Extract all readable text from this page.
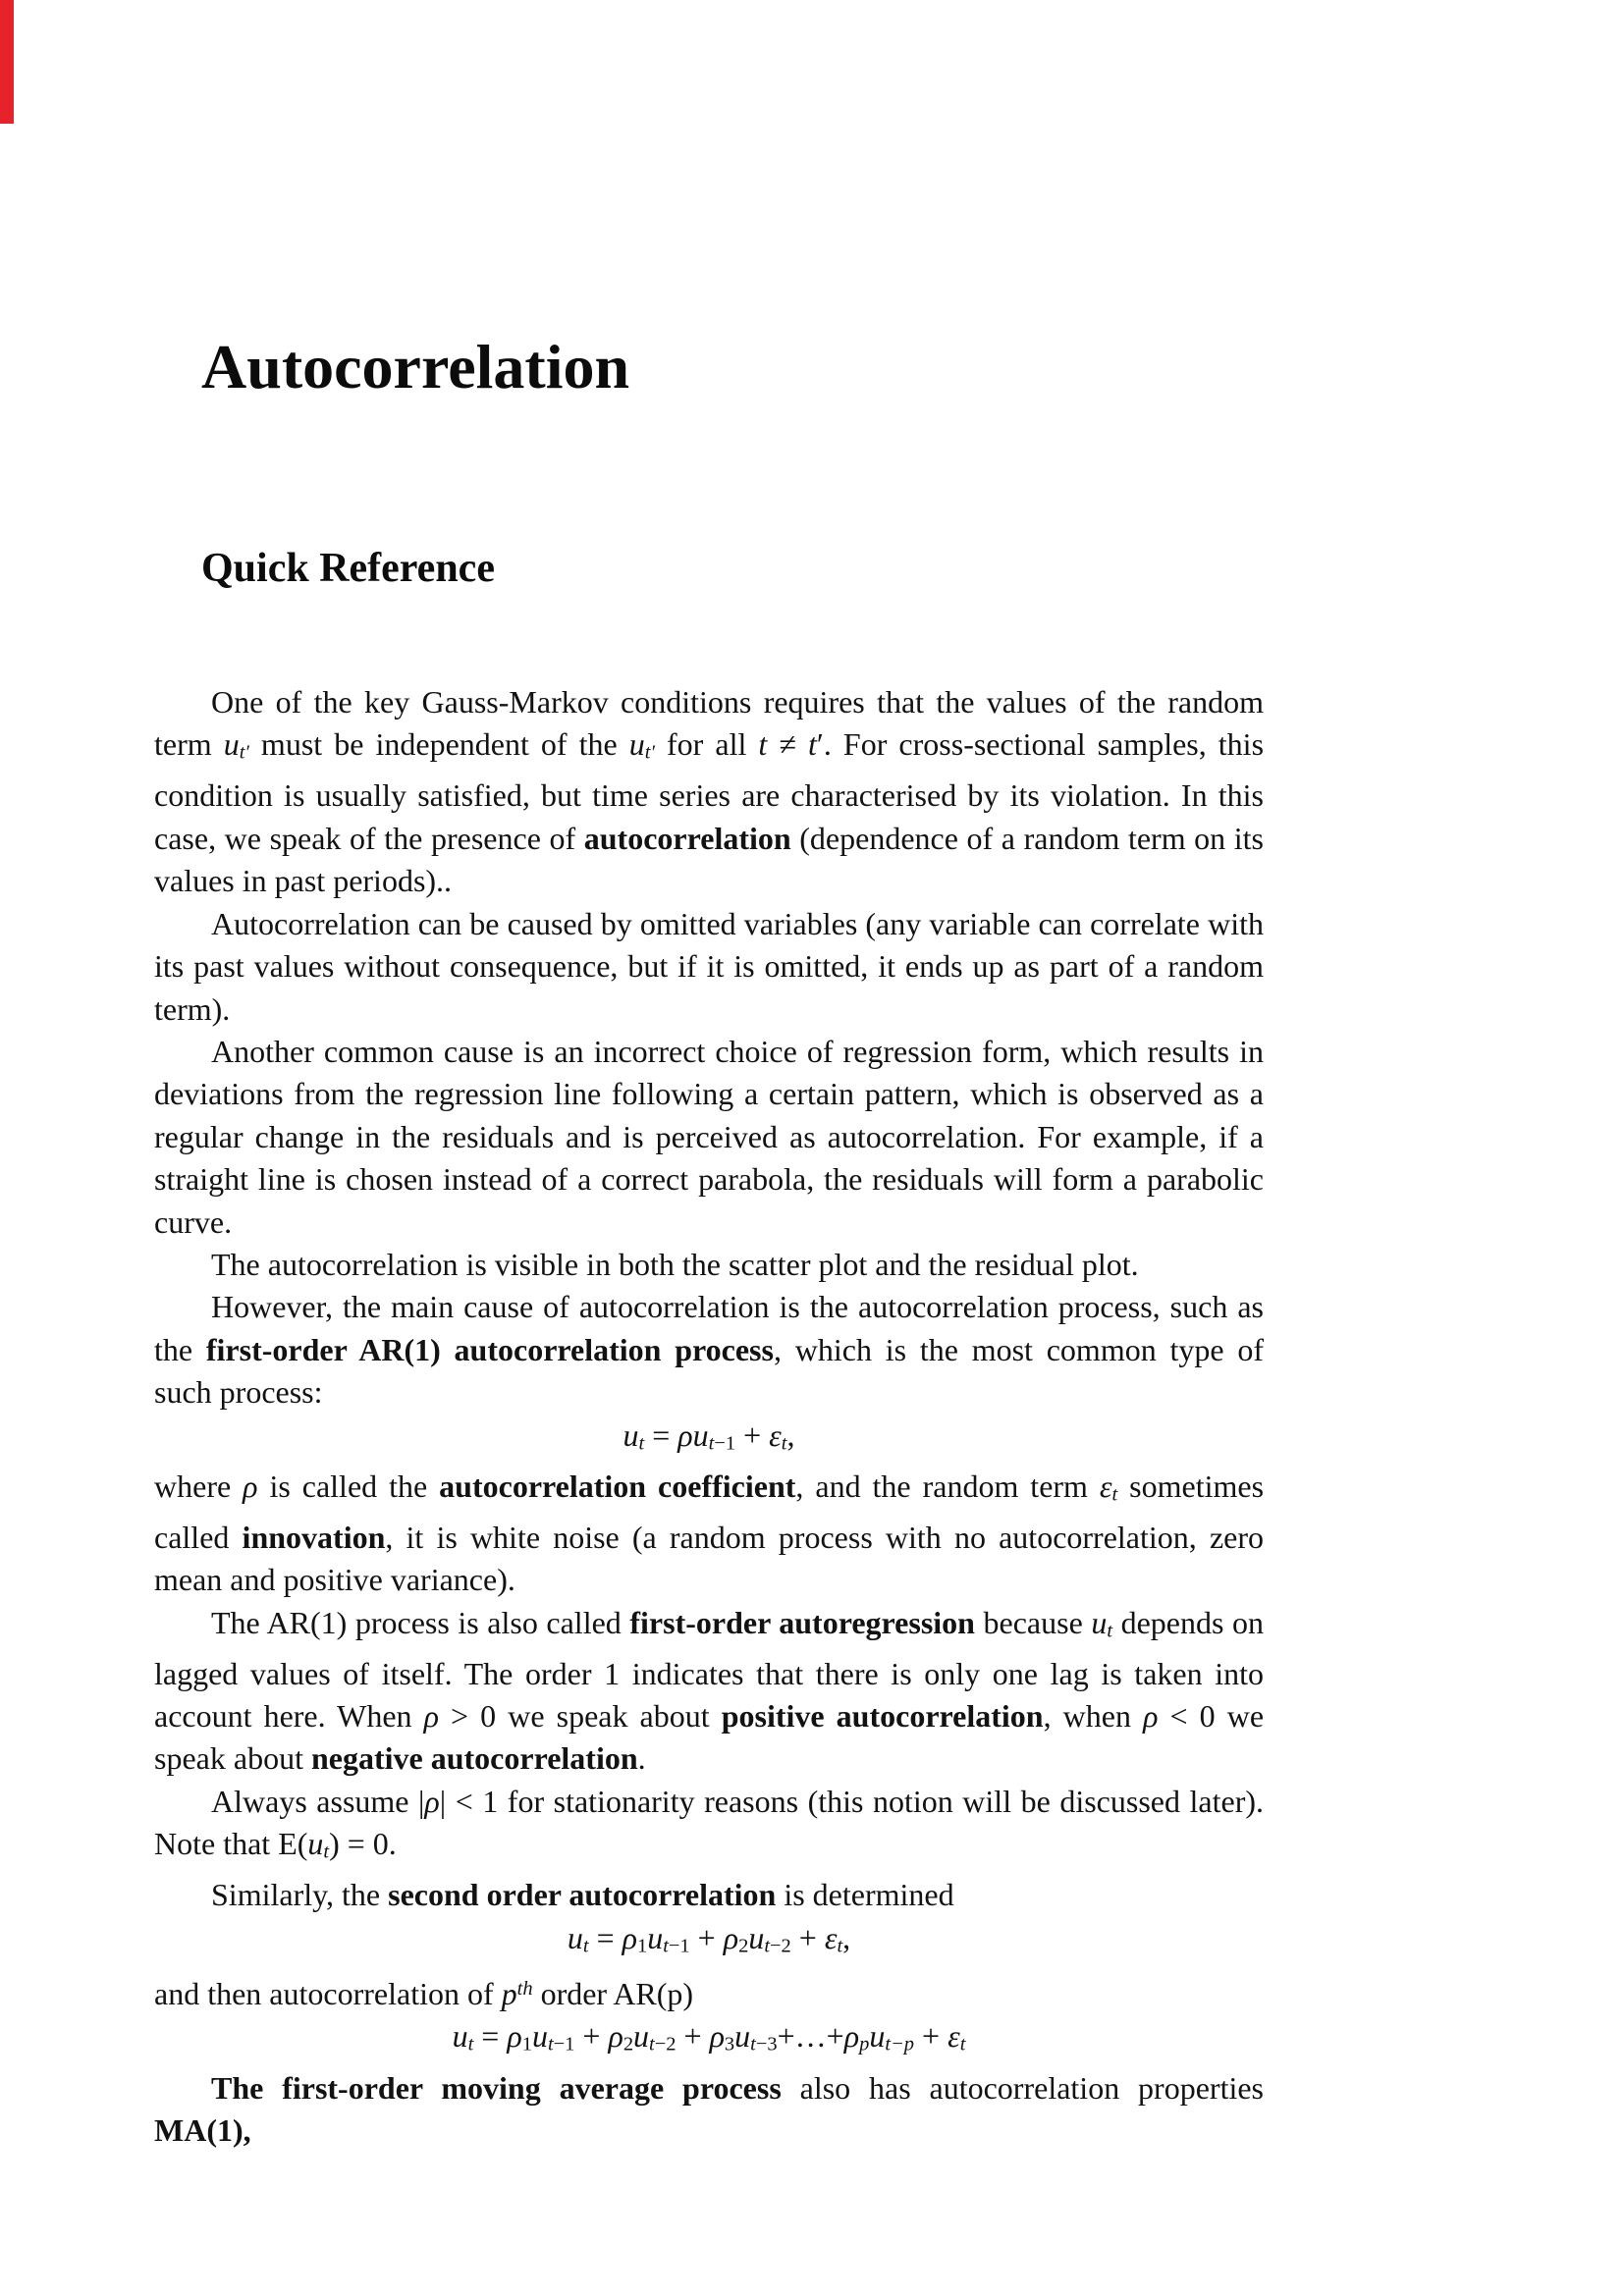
Autocorrelation
Quick Reference

One of the key Gauss-Markov conditions requires that the values of the random term ut′ must be independent of the ut′ for all t ≠ t′. For cross-sectional samples, this condition is usually satisfied, but time series are characterised by its violation. In this case, we speak of the presence of autocorrelation (dependence of a random term on its values in past periods)..

Autocorrelation can be caused by omitted variables (any variable can correlate with its past values without consequence, but if it is omitted, it ends up as part of a random term).

Another common cause is an incorrect choice of regression form, which results in deviations from the regression line following a certain pattern, which is observed as a regular change in the residuals and is perceived as autocorrelation. For example, if a straight line is chosen instead of a correct parabola, the residuals will form a parabolic curve.

The autocorrelation is visible in both the scatter plot and the residual plot.

However, the main cause of autocorrelation is the autocorrelation process, such as the first-order AR(1) autocorrelation process, which is the most common type of such process:

ut = ρut−1 + εt,

where ρ is called the autocorrelation coefficient, and the random term εt sometimes called innovation, it is white noise (a random process with no autocorrelation, zero mean and positive variance).

The AR(1) process is also called first-order autoregression because ut depends on lagged values of itself. The order 1 indicates that there is only one lag is taken into account here. When ρ > 0 we speak about positive autocorrelation, when ρ < 0 we speak about negative autocorrelation.

Always assume |ρ| < 1 for stationarity reasons (this notion will be discussed later). Note that E(ut) = 0.

Similarly, the second order autocorrelation is determined

ut = ρ1ut−1 + ρ2ut−2 + εt,

and then autocorrelation of $p^{th}$ order AR(p)

ut = ρ1ut−1 + ρ2ut−2 + ρ3ut−3+…+ρput−p + εt

The first-order moving average process also has autocorrelation properties MA(1),
